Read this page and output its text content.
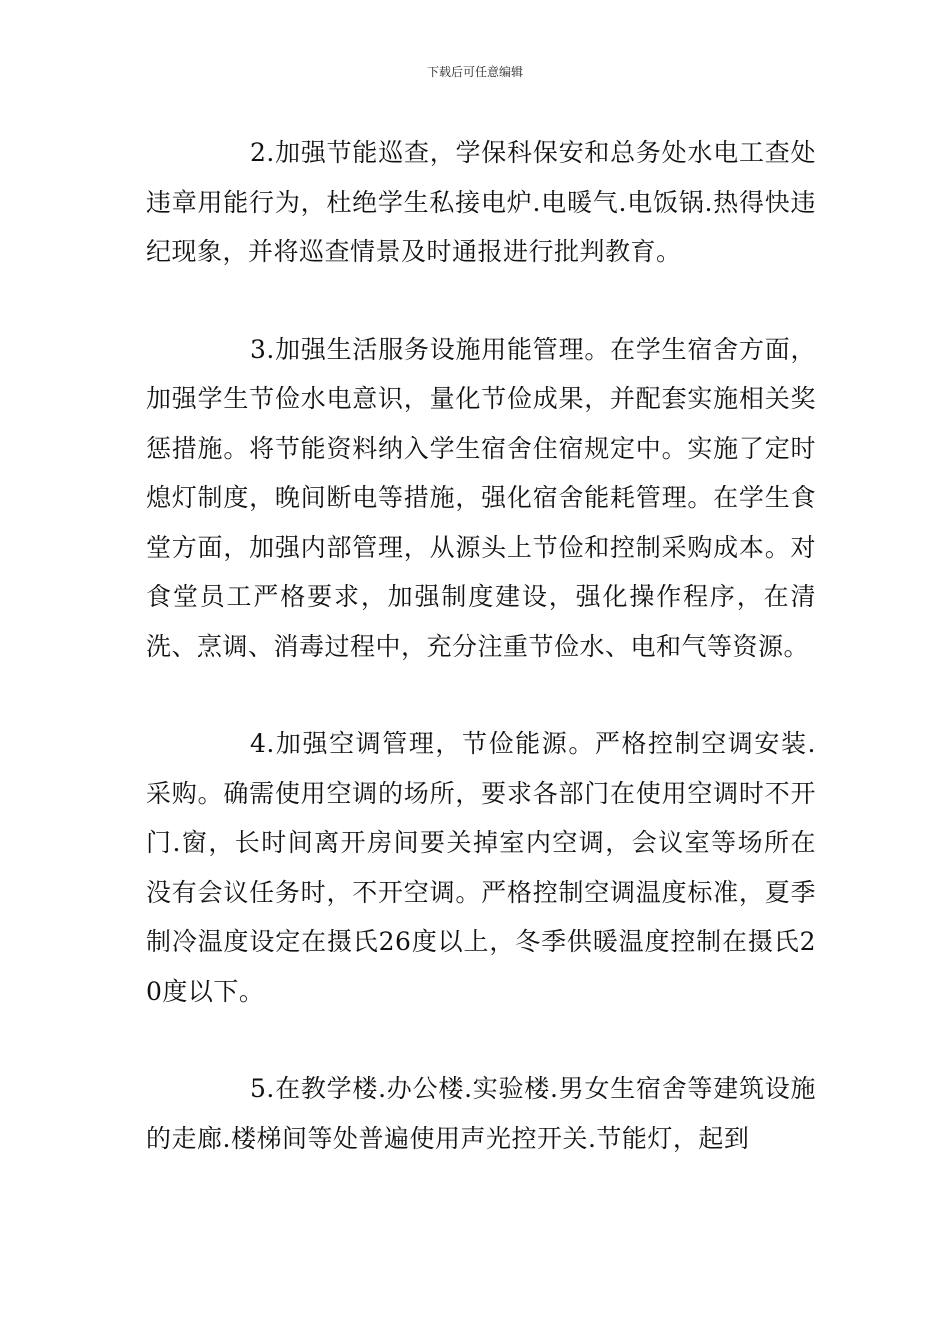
下载后可任意编辑

2.加强节能巡查，学保科保安和总务处水电工查处违章用能行为，杜绝学生私接电炉.电暖气.电饭锅.热得快违纪现象，并将巡查情景及时通报进行批判教育。

3.加强生活服务设施用能管理。在学生宿舍方面，加强学生节俭水电意识，量化节俭成果，并配套实施相关奖惩措施。将节能资料纳入学生宿舍住宿规定中。实施了定时熄灯制度，晚间断电等措施，强化宿舍能耗管理。在学生食堂方面，加强内部管理，从源头上节俭和控制采购成本。对食堂员工严格要求，加强制度建设，强化操作程序，在清洗、烹调、消毒过程中，充分注重节俭水、电和气等资源。

4.加强空调管理，节俭能源。严格控制空调安装.采购。确需使用空调的场所，要求各部门在使用空调时不开门.窗，长时间离开房间要关掉室内空调，会议室等场所在没有会议任务时，不开空调。严格控制空调温度标准，夏季制冷温度设定在摄氏26度以上，冬季供暖温度控制在摄氏20度以下。

5.在教学楼.办公楼.实验楼.男女生宿舍等建筑设施的走廊.楼梯间等处普遍使用声光控开关.节能灯，起到
